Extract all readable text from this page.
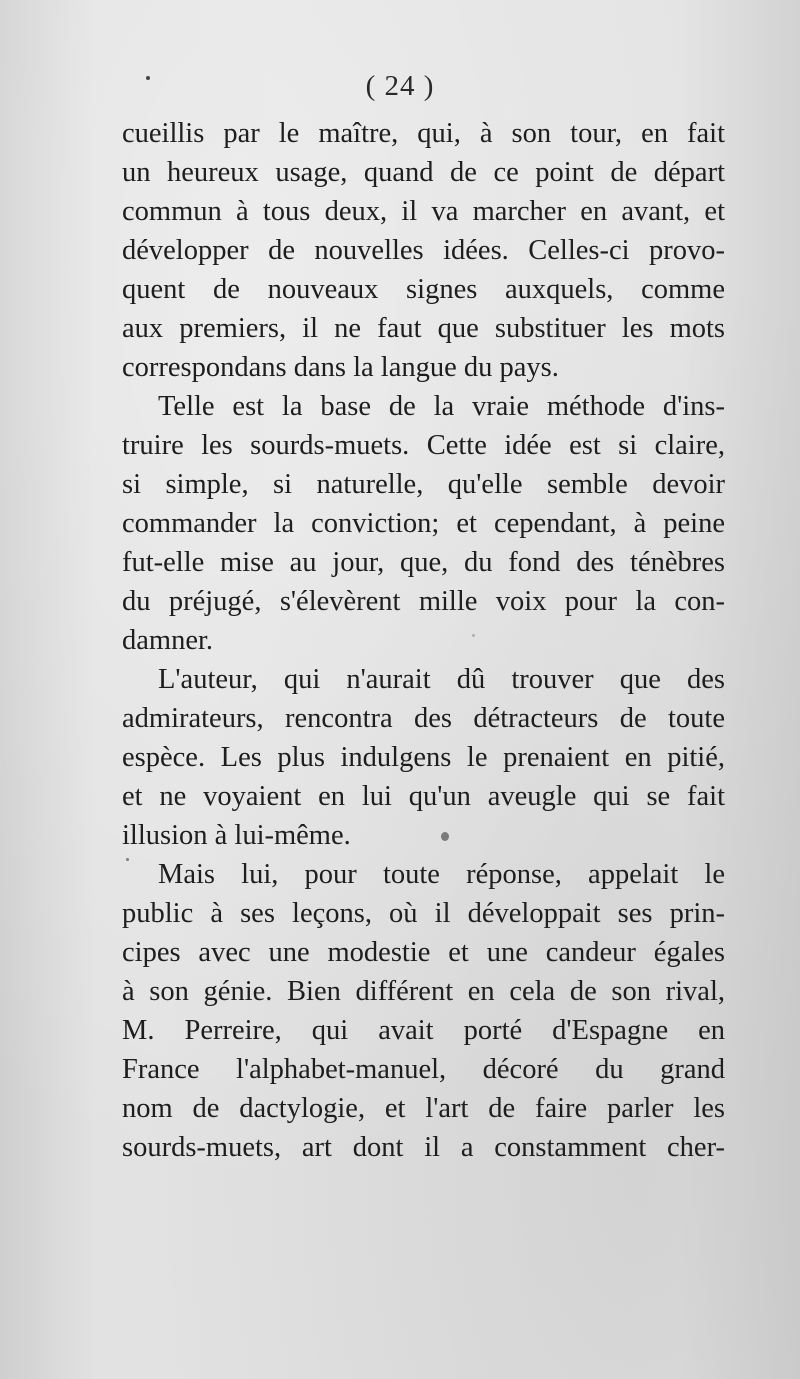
( 24 )
cueillis par le maître, qui, à son tour, en fait
un heureux usage, quand de ce point de départ
commun à tous deux, il va marcher en avant, et
développer de nouvelles idées. Celles-ci provo-
quent de nouveaux signes auxquels, comme
aux premiers, il ne faut que substituer les mots
correspondans dans la langue du pays.
Telle est la base de la vraie méthode d'ins-
truire les sourds-muets. Cette idée est si claire,
si simple, si naturelle, qu'elle semble devoir
commander la conviction; et cependant, à peine
fut-elle mise au jour, que, du fond des ténèbres
du préjugé, s'élevèrent mille voix pour la con-
damner.
L'auteur, qui n'aurait dû trouver que des
admirateurs, rencontra des détracteurs de toute
espèce. Les plus indulgens le prenaient en pitié,
et ne voyaient en lui qu'un aveugle qui se fait
illusion à lui-même.
Mais lui, pour toute réponse, appelait le
public à ses leçons, où il développait ses prin-
cipes avec une modestie et une candeur égales
à son génie. Bien différent en cela de son rival,
M. Perreire, qui avait porté d'Espagne en
France l'alphabet-manuel, décoré du grand
nom de dactylogie, et l'art de faire parler les
sourds-muets, art dont il a constamment cher-
